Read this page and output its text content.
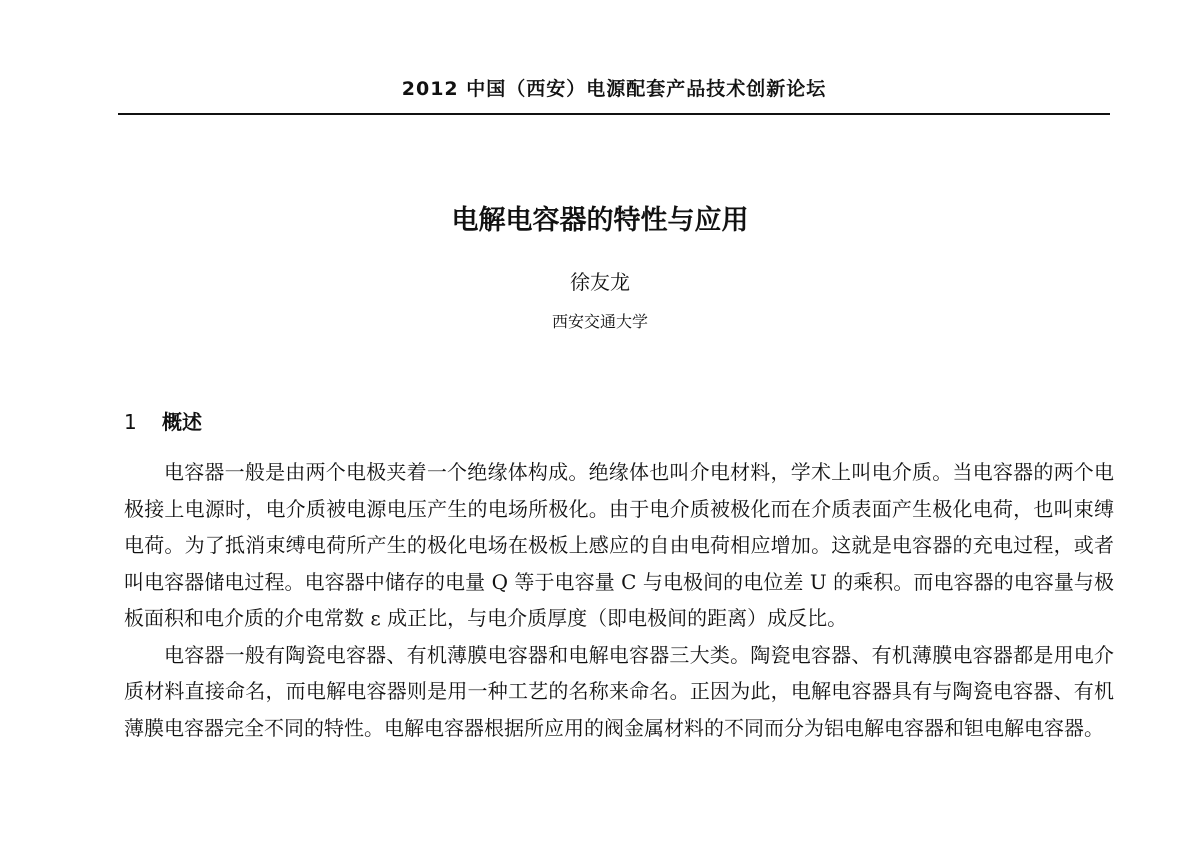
2012 中国（西安）电源配套产品技术创新论坛
电解电容器的特性与应用
徐友龙
西安交通大学
1 概述

电容器一般是由两个电极夹着一个绝缘体构成。绝缘体也叫介电材料，学术上叫电介质。当电容器的两个电极接上电源时，电介质被电源电压产生的电场所极化。由于电介质被极化而在介质表面产生极化电荷，也叫束缚电荷。为了抵消束缚电荷所产生的极化电场在极板上感应的自由电荷相应增加。这就是电容器的充电过程，或者叫电容器储电过程。电容器中储存的电量 Q 等于电容量 C 与电极间的电位差 U 的乘积。而电容器的电容量与极板面积和电介质的介电常数 ε 成正比，与电介质厚度（即电极间的距离）成反比。

电容器一般有陶瓷电容器、有机薄膜电容器和电解电容器三大类。陶瓷电容器、有机薄膜电容器都是用电介质材料直接命名，而电解电容器则是用一种工艺的名称来命名。正因为此，电解电容器具有与陶瓷电容器、有机薄膜电容器完全不同的特性。电解电容器根据所应用的阀金属材料的不同而分为铝电解电容器和钽电解电容器。
